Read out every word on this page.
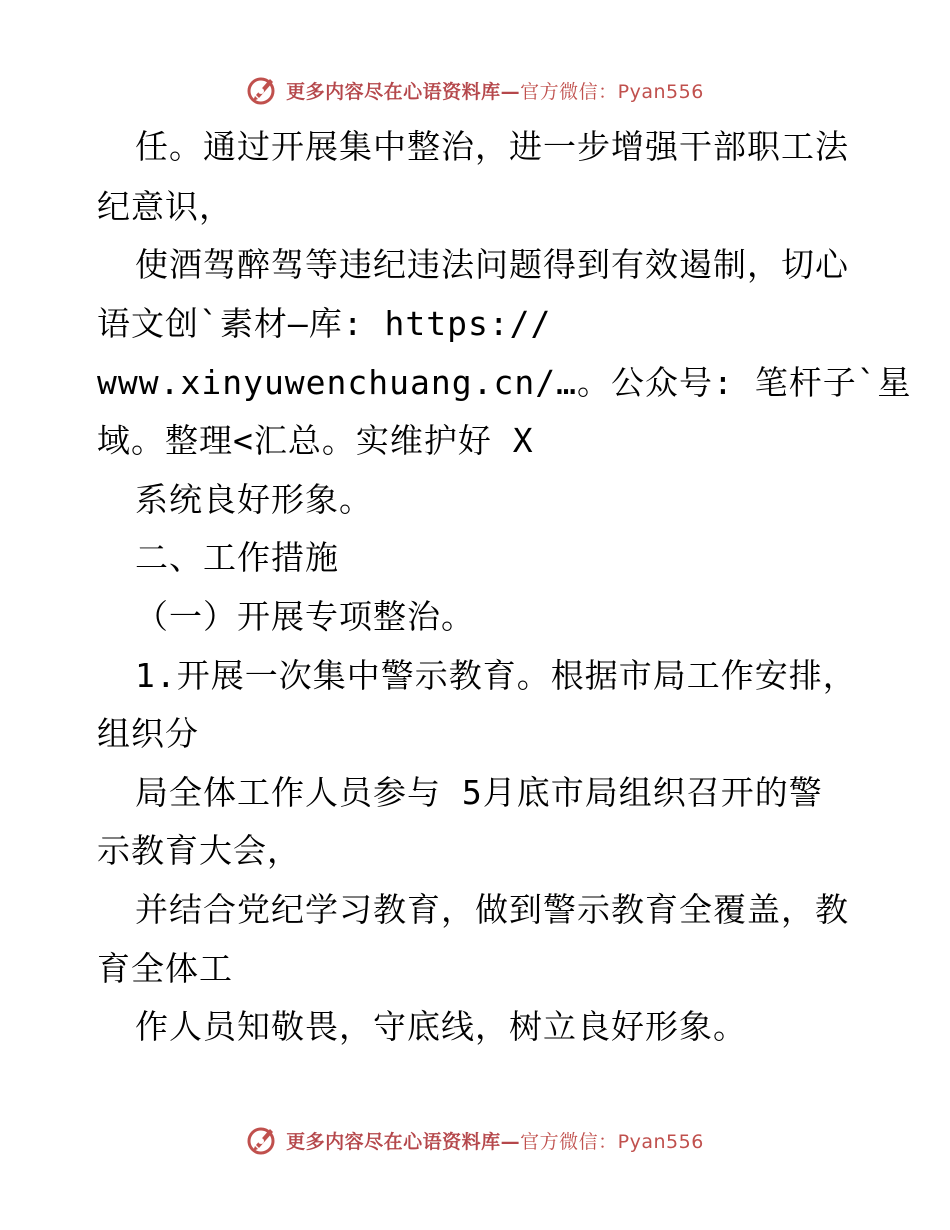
更多内容尽在心语资料库—官方微信：Pyan556
任。通过开展集中整治，进一步增强干部职工法
纪意识，
使酒驾醉驾等违纪违法问题得到有效遏制，切心
语文创`素材—库: https://
www.xinyuwenchuang.cn/…。公众号: 笔杆子`星
域。整理<汇总。实维护好 X
系统良好形象。
二、工作措施
（一）开展专项整治。
1.开展一次集中警示教育。根据市局工作安排，
组织分
局全体工作人员参与 5月底市局组织召开的警
示教育大会，
并结合党纪学习教育，做到警示教育全覆盖，教
育全体工
作人员知敬畏，守底线，树立良好形象。
更多内容尽在心语资料库—官方微信：Pyan556
